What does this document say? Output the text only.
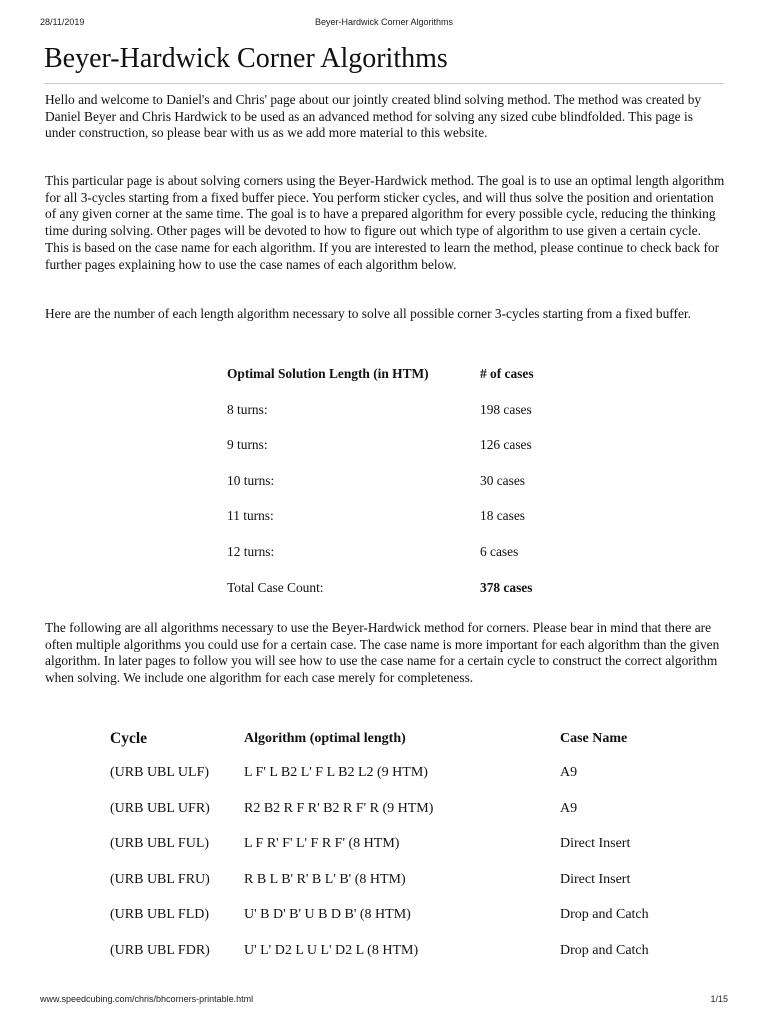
28/11/2019	Beyer-Hardwick Corner Algorithms
Beyer-Hardwick Corner Algorithms

Hello and welcome to Daniel's and Chris' page about our jointly created blind solving method. The method was created by Daniel Beyer and Chris Hardwick to be used as an advanced method for solving any sized cube blindfolded. This page is under construction, so please bear with us as we add more material to this website.

This particular page is about solving corners using the Beyer-Hardwick method. The goal is to use an optimal length algorithm for all 3-cycles starting from a fixed buffer piece. You perform sticker cycles, and will thus solve the position and orientation of any given corner at the same time. The goal is to have a prepared algorithm for every possible cycle, reducing the thinking time during solving. Other pages will be devoted to how to figure out which type of algorithm to use given a certain cycle. This is based on the case name for each algorithm. If you are interested to learn the method, please continue to check back for further pages explaining how to use the case names of each algorithm below.

Here are the number of each length algorithm necessary to solve all possible corner 3-cycles starting from a fixed buffer.

Optimal Solution Length (in HTM)	# of cases
8 turns:	198 cases
9 turns:	126 cases
10 turns:	30 cases
11 turns:	18 cases
12 turns:	6 cases
Total Case Count:	378 cases

The following are all algorithms necessary to use the Beyer-Hardwick method for corners. Please bear in mind that there are often multiple algorithms you could use for a certain case. The case name is more important for each algorithm than the given algorithm. In later pages to follow you will see how to use the case name for a certain cycle to construct the correct algorithm when solving. We include one algorithm for each case merely for completeness.

Cycle	Algorithm (optimal length)	Case Name
(URB UBL ULF) L F' L B2 L' F L B2 L2 (9 HTM)	A9
(URB UBL UFR) R2 B2 R F R' B2 R F' R (9 HTM)	A9
(URB UBL FUL) L F R' F' L' F R F' (8 HTM)	Direct Insert
(URB UBL FRU) R B L B' R' B L' B' (8 HTM)	Direct Insert
(URB UBL FLD) U' B D' B' U B D B' (8 HTM)	Drop and Catch
(URB UBL FDR) U' L' D2 L U L' D2 L (8 HTM)	Drop and Catch
www.speedcubing.com/chris/bhcorners-printable.html	1/15
